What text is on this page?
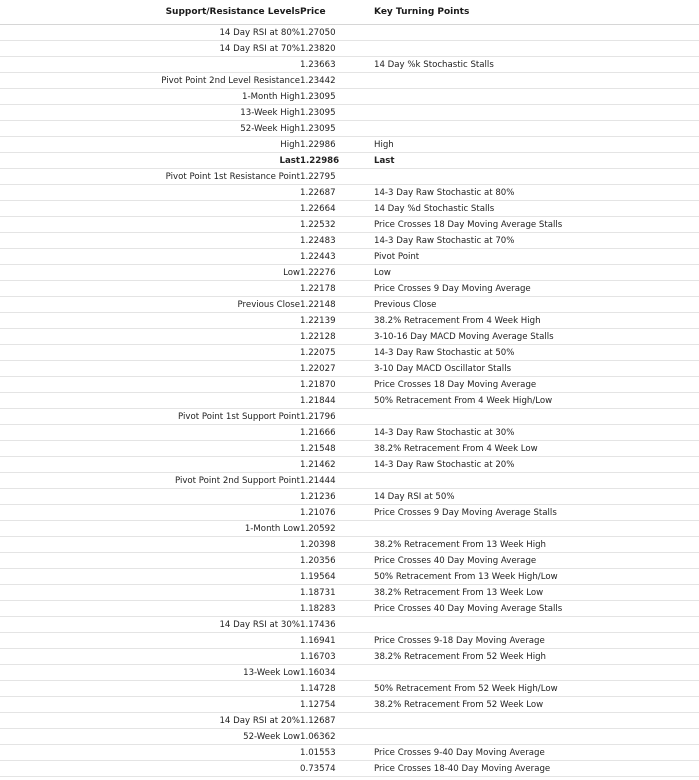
Support/Resistance Levels	Price	Key Turning Points
14 Day RSI at 80%	1.27050	
14 Day RSI at 70%	1.23820	
	1.23663	14 Day %k Stochastic Stalls
Pivot Point 2nd Level Resistance	1.23442	
1-Month High	1.23095	
13-Week High	1.23095	
52-Week High	1.23095	
High	1.22986	High
Last	1.22986	Last
Pivot Point 1st Resistance Point	1.22795	
	1.22687	14-3 Day Raw Stochastic at 80%
	1.22664	14 Day %d Stochastic Stalls
	1.22532	Price Crosses 18 Day Moving Average Stalls
	1.22483	14-3 Day Raw Stochastic at 70%
	1.22443	Pivot Point
Low	1.22276	Low
	1.22178	Price Crosses 9 Day Moving Average
Previous Close	1.22148	Previous Close
	1.22139	38.2% Retracement From 4 Week High
	1.22128	3-10-16 Day MACD Moving Average Stalls
	1.22075	14-3 Day Raw Stochastic at 50%
	1.22027	3-10 Day MACD Oscillator Stalls
	1.21870	Price Crosses 18 Day Moving Average
	1.21844	50% Retracement From 4 Week High/Low
Pivot Point 1st Support Point	1.21796	
	1.21666	14-3 Day Raw Stochastic at 30%
	1.21548	38.2% Retracement From 4 Week Low
	1.21462	14-3 Day Raw Stochastic at 20%
Pivot Point 2nd Support Point	1.21444	
	1.21236	14 Day RSI at 50%
	1.21076	Price Crosses 9 Day Moving Average Stalls
1-Month Low	1.20592	
	1.20398	38.2% Retracement From 13 Week High
	1.20356	Price Crosses 40 Day Moving Average
	1.19564	50% Retracement From 13 Week High/Low
	1.18731	38.2% Retracement From 13 Week Low
	1.18283	Price Crosses 40 Day Moving Average Stalls
14 Day RSI at 30%	1.17436	
	1.16941	Price Crosses 9-18 Day Moving Average
	1.16703	38.2% Retracement From 52 Week High
13-Week Low	1.16034	
	1.14728	50% Retracement From 52 Week High/Low
	1.12754	38.2% Retracement From 52 Week Low
14 Day RSI at 20%	1.12687	
52-Week Low	1.06362	
	1.01553	Price Crosses 9-40 Day Moving Average
	0.73574	Price Crosses 18-40 Day Moving Average
